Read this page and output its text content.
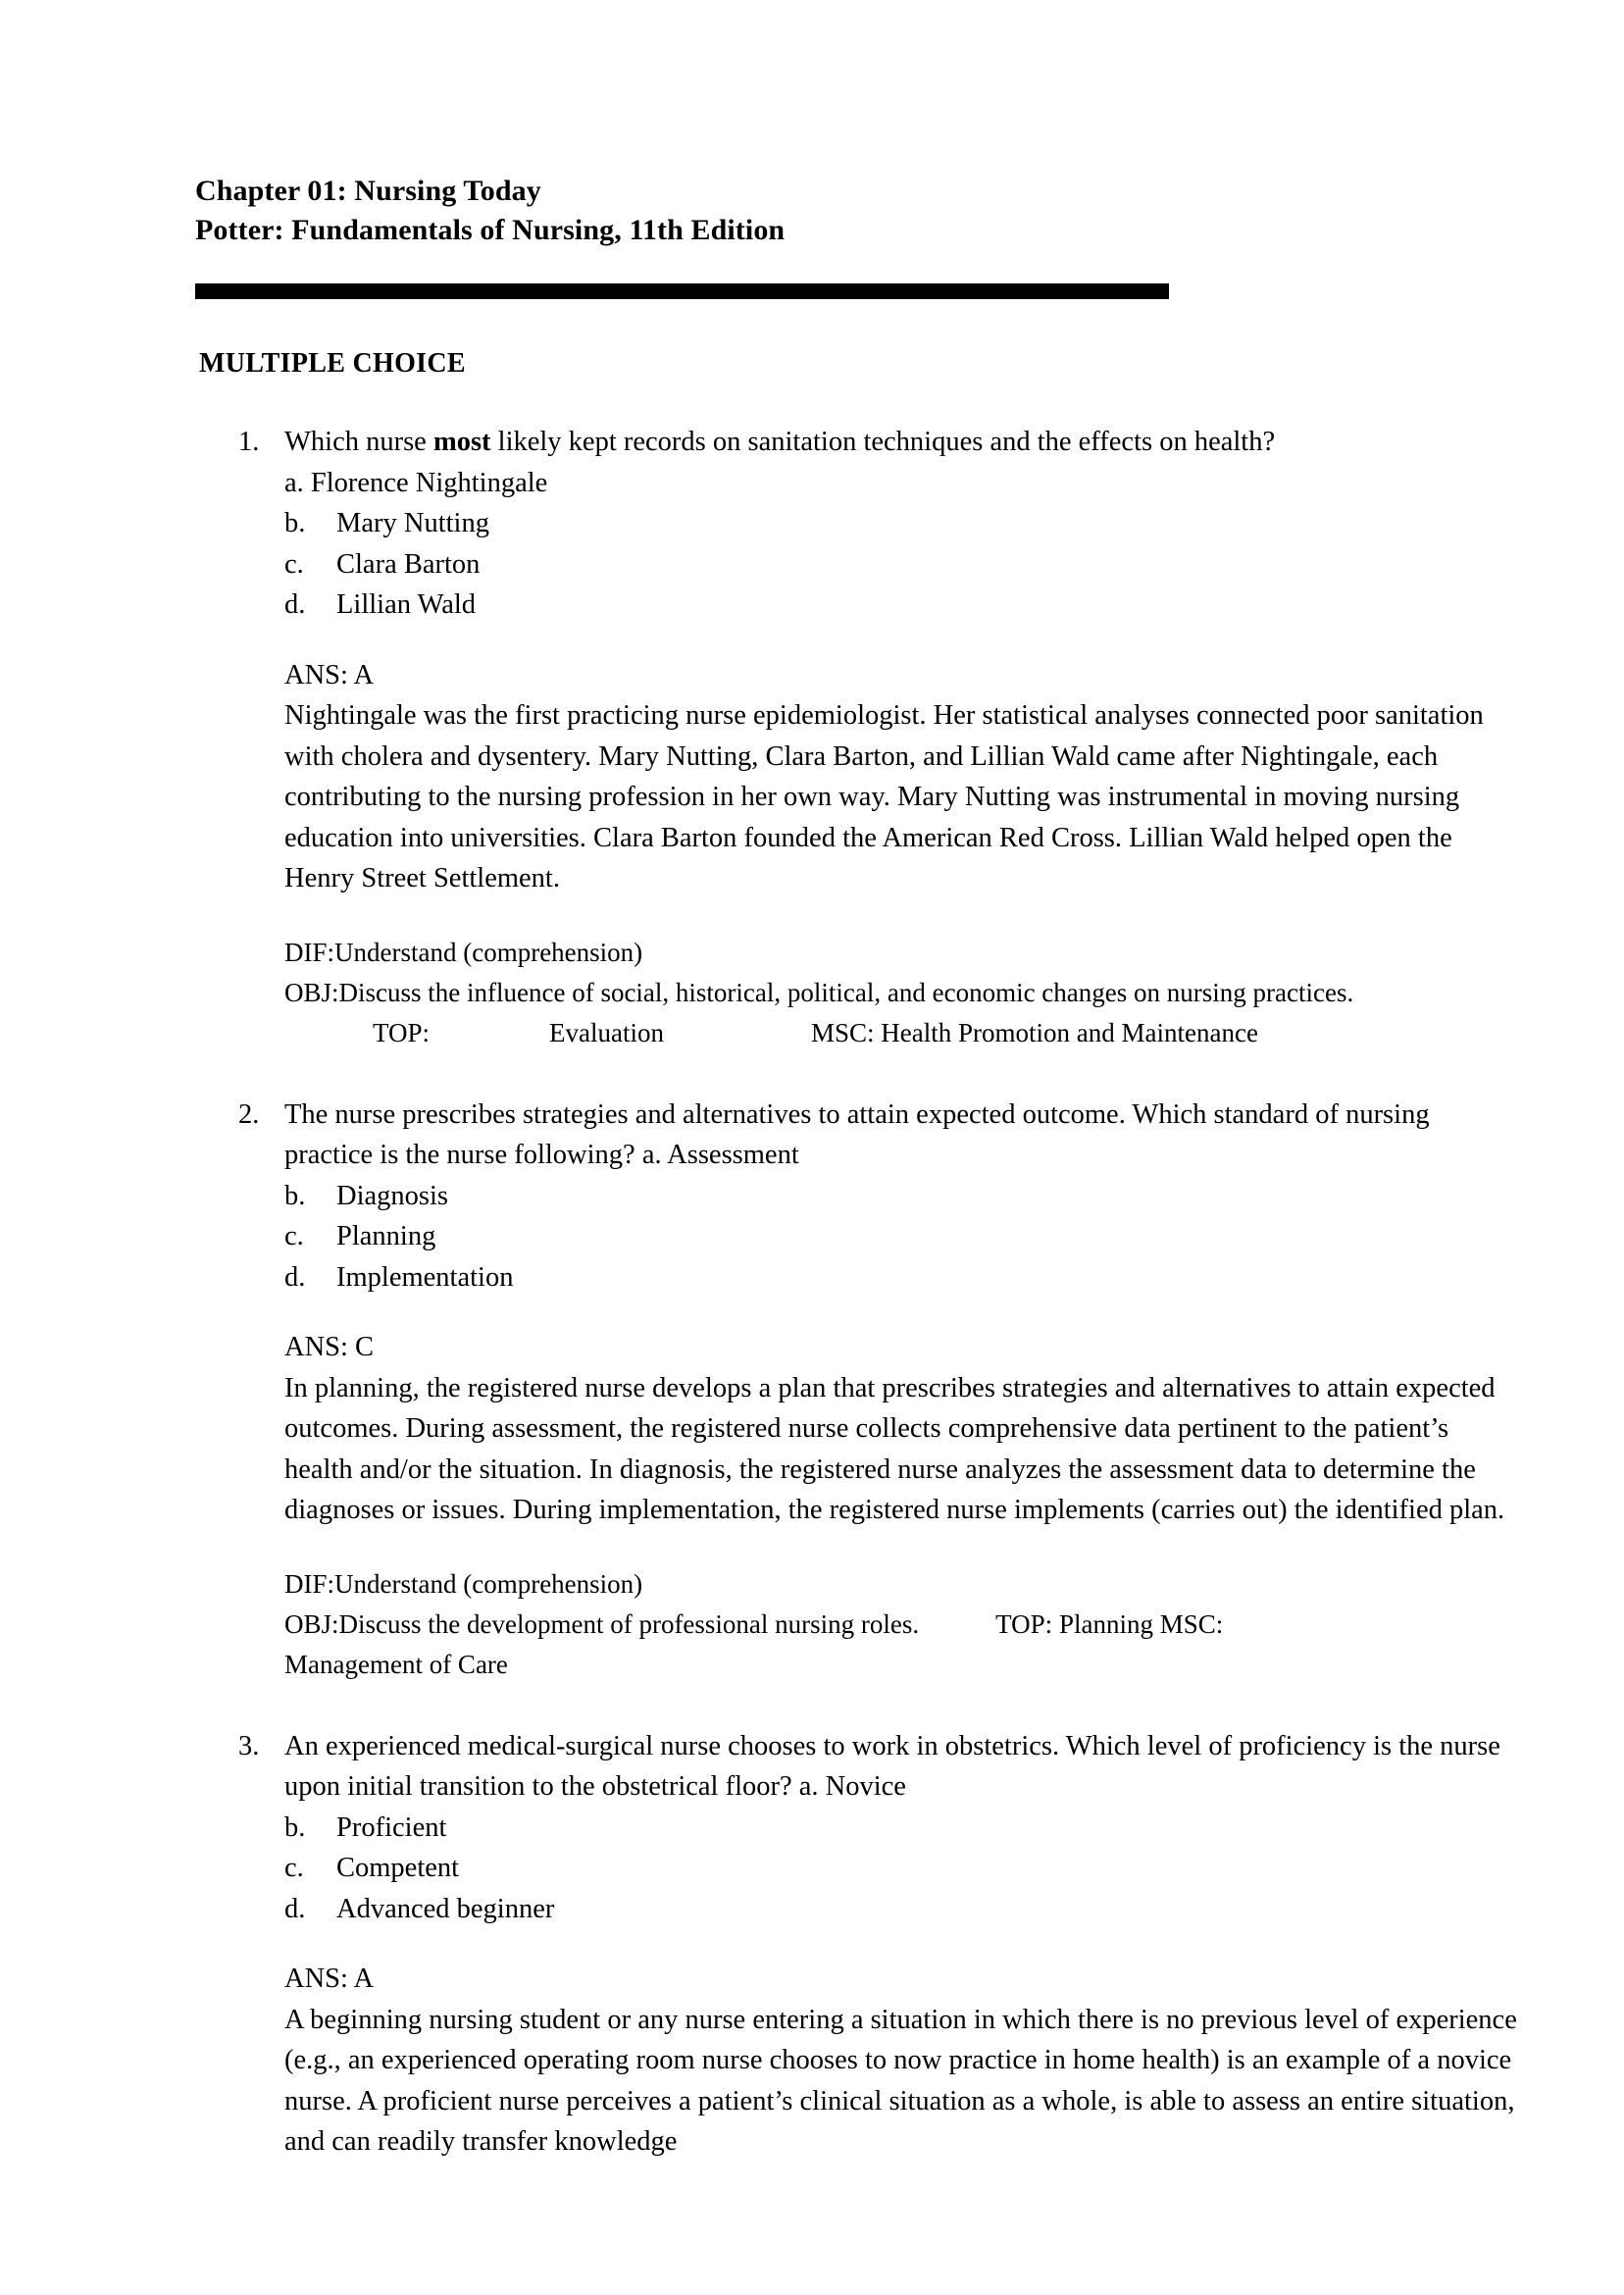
Chapter 01: Nursing Today
Potter: Fundamentals of Nursing, 11th Edition
MULTIPLE CHOICE
1. Which nurse most likely kept records on sanitation techniques and the effects on health?
a. Florence Nightingale
b. Mary Nutting
c. Clara Barton
d. Lillian Wald
ANS: A
Nightingale was the first practicing nurse epidemiologist. Her statistical analyses connected poor sanitation with cholera and dysentery. Mary Nutting, Clara Barton, and Lillian Wald came after Nightingale, each contributing to the nursing profession in her own way. Mary Nutting was instrumental in moving nursing education into universities. Clara Barton founded the American Red Cross. Lillian Wald helped open the Henry Street Settlement.
DIF:Understand (comprehension)
OBJ:Discuss the influence of social, historical, political, and economic changes on nursing practices.
TOP:	Evaluation	MSC: Health Promotion and Maintenance
2. The nurse prescribes strategies and alternatives to attain expected outcome. Which standard of nursing practice is the nurse following? a. Assessment
b. Diagnosis
c. Planning
d. Implementation
ANS: C
In planning, the registered nurse develops a plan that prescribes strategies and alternatives to attain expected outcomes. During assessment, the registered nurse collects comprehensive data pertinent to the patient’s health and/or the situation. In diagnosis, the registered nurse analyzes the assessment data to determine the diagnoses or issues. During implementation, the registered nurse implements (carries out) the identified plan.
DIF:Understand (comprehension)
OBJ:Discuss the development of professional nursing roles.	TOP: Planning MSC:
Management of Care
3. An experienced medical-surgical nurse chooses to work in obstetrics. Which level of proficiency is the nurse upon initial transition to the obstetrical floor? a. Novice
b. Proficient
c. Competent
d. Advanced beginner
ANS: A
A beginning nursing student or any nurse entering a situation in which there is no previous level of experience (e.g., an experienced operating room nurse chooses to now practice in home health) is an example of a novice nurse. A proficient nurse perceives a patient’s clinical situation as a whole, is able to assess an entire situation, and can readily transfer knowledge
